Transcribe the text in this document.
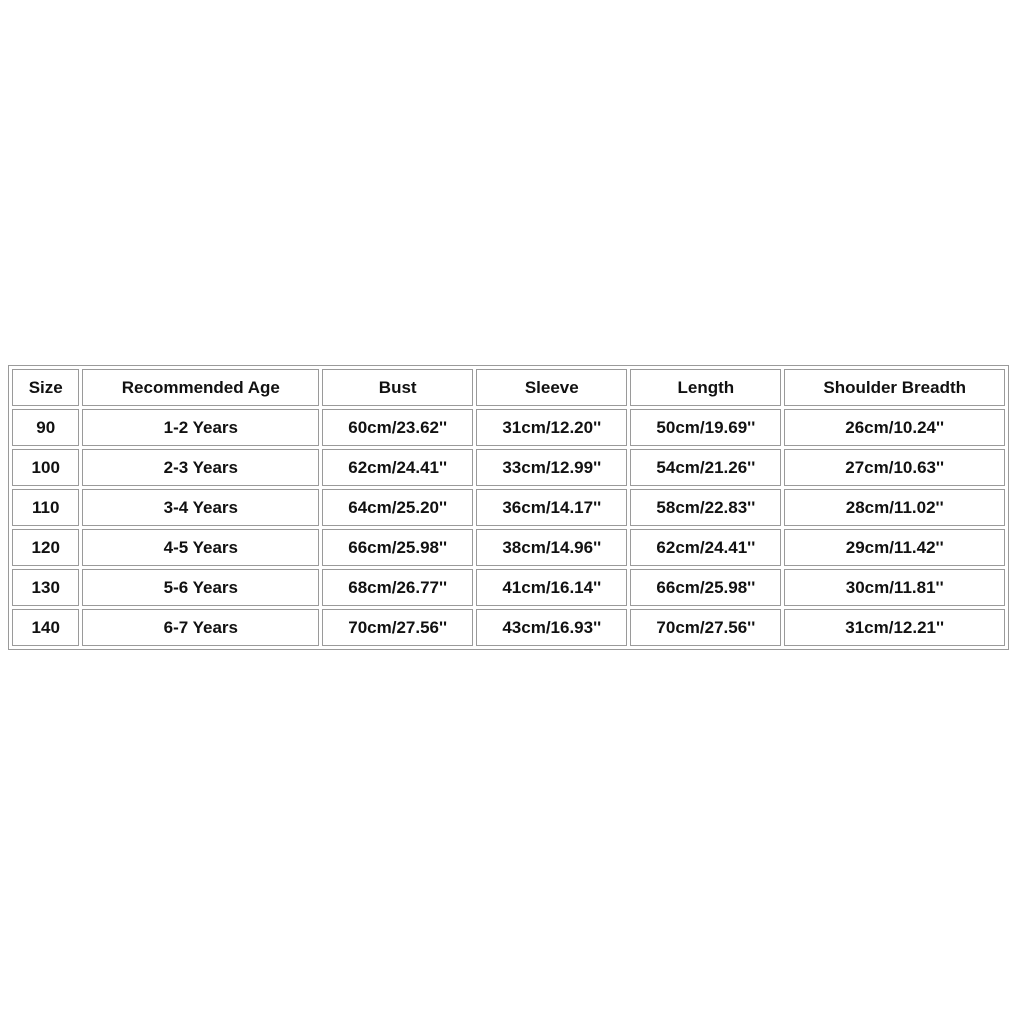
Size	Recommended Age	Bust	Sleeve	Length	Shoulder Breadth
90	1-2 Years	60cm/23.62''	31cm/12.20''	50cm/19.69''	26cm/10.24''
100	2-3 Years	62cm/24.41''	33cm/12.99''	54cm/21.26''	27cm/10.63''
110	3-4 Years	64cm/25.20''	36cm/14.17''	58cm/22.83''	28cm/11.02''
120	4-5 Years	66cm/25.98''	38cm/14.96''	62cm/24.41''	29cm/11.42''
130	5-6 Years	68cm/26.77''	41cm/16.14''	66cm/25.98''	30cm/11.81''
140	6-7 Years	70cm/27.56''	43cm/16.93''	70cm/27.56''	31cm/12.21''
